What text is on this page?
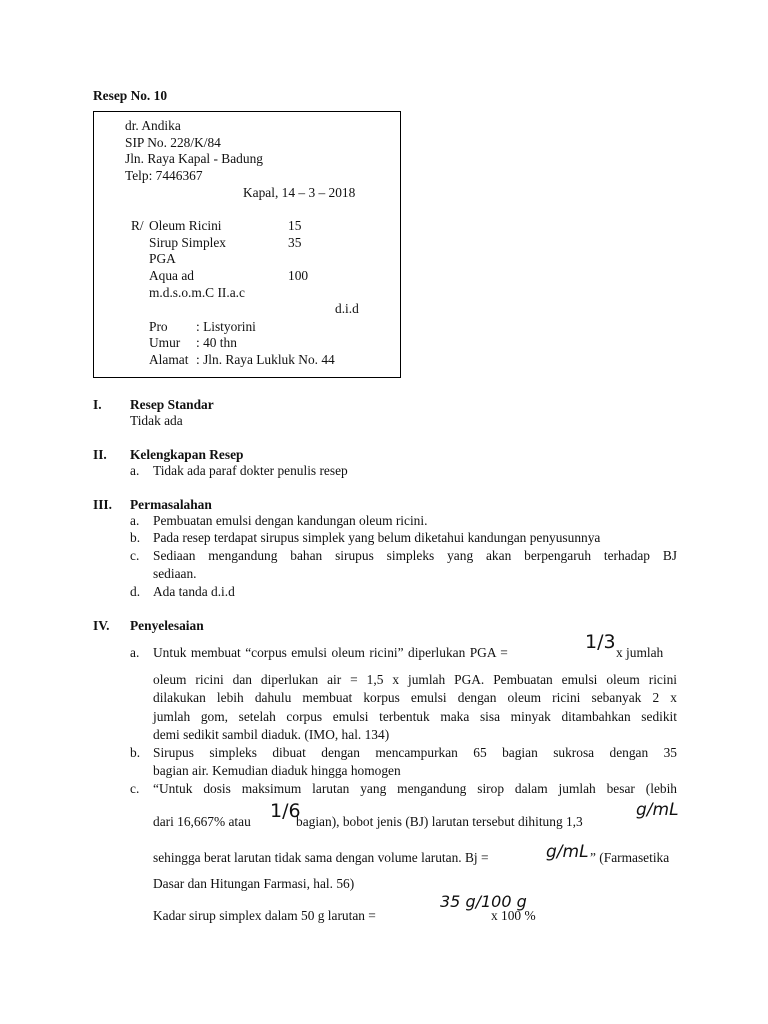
Resep No. 10
dr. Andika
SIP No. 228/K/84
Jln. Raya Kapal - Badung
Telp: 7446367
Kapal, 14 – 3 – 2018
R/ Oleum Ricini	15
Sirup Simplex	35
PGA
Aqua ad	100
m.d.s.o.m.C II.a.c
d.i.d
Pro : Listyorini
Umur : 40 thn
Alamat : Jln. Raya Lukluk No. 44
I. Resep Standar
Tidak ada
II. Kelengkapan Resep
a. Tidak ada paraf dokter penulis resep
III. Permasalahan
a. Pembuatan emulsi dengan kandungan oleum ricini.
b. Pada resep terdapat sirupus simplek yang belum diketahui kandungan penyusunnya
c. Sediaan mengandung bahan sirupus simpleks yang akan berpengaruh terhadap BJ
sediaan.
d. Ada tanda d.i.d
IV. Penyelesaian
a. Untuk membuat “corpus emulsi oleum ricini” diperlukan PGA =	1/3 x jumlah
oleum ricini dan diperlukan air = 1,5 x jumlah PGA. Pembuatan emulsi oleum ricini
dilakukan lebih dahulu membuat korpus emulsi dengan oleum ricini sebanyak 2 x
jumlah gom, setelah corpus emulsi terbentuk maka sisa minyak ditambahkan sedikit
demi sedikit sambil diaduk. (IMO, hal. 134)
b. Sirupus simpleks dibuat dengan mencampurkan 65 bagian sukrosa dengan 35
bagian air. Kemudian diaduk hingga homogen
c. “Untuk dosis maksimum larutan yang mengandung sirop dalam jumlah besar (lebih
dari 16,667% atau 1/6
bagian), bobot jenis (BJ) larutan tersebut dihitung 1,3
g/mL
sehingga berat larutan tidak sama dengan volume larutan. Bj =	g/mL ” (Farmasetika
Dasar dan Hitungan Farmasi, hal. 56)
Kadar sirup simplex dalam 50 g larutan =
35 g/100 g
x 100 %
